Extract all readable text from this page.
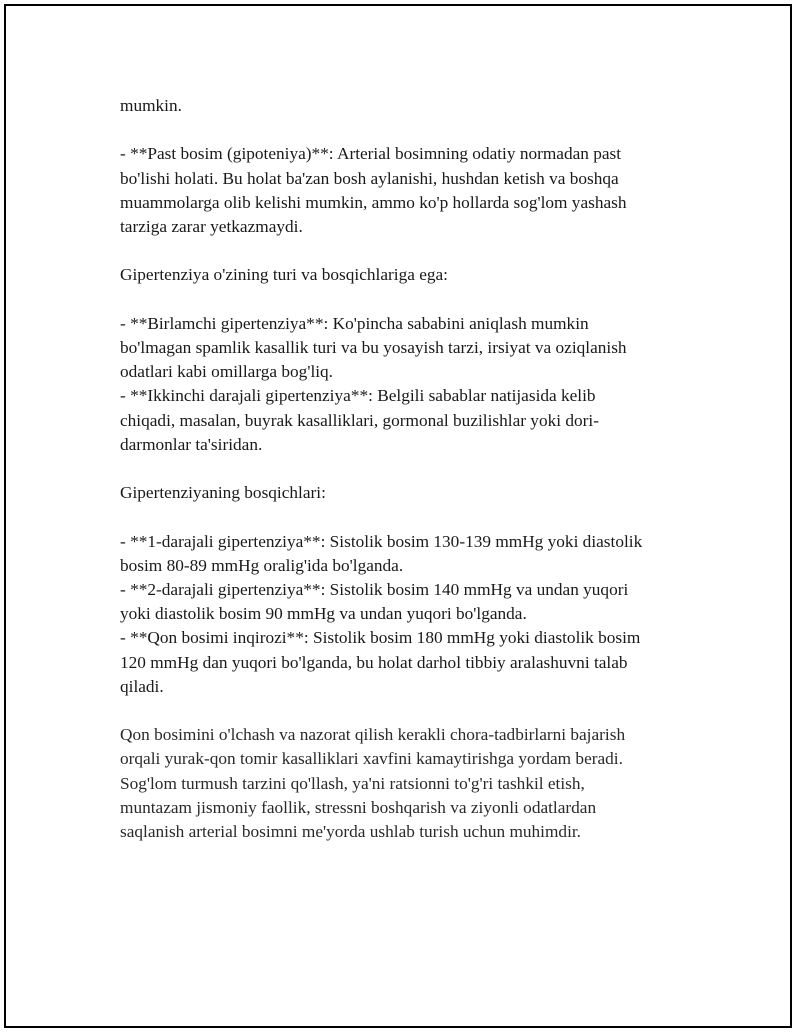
mumkin.

- **Past bosim (gipoteniya)**: Arterial bosimning odatiy normadan past
bo'lishi holati. Bu holat ba'zan bosh aylanishi, hushdan ketish va boshqa
muammolarga olib kelishi mumkin, ammo ko'p hollarda sog'lom yashash
tarziga zarar yetkazmaydi.

Gipertenziya o'zining turi va bosqichlariga ega:

- **Birlamchi gipertenziya**: Ko'pincha sababini aniqlash mumkin
bo'lmagan spamlik kasallik turi va bu yosayish tarzi, irsiyat va oziqlanish
odatlari kabi omillarga bog'liq.
- **Ikkinchi darajali gipertenziya**: Belgili sabablar natijasida kelib
chiqadi, masalan, buyrak kasalliklari, gormonal buzilishlar yoki dori-
darmonlar ta'siridan.

Gipertenziyaning bosqichlari:

- **1-darajali gipertenziya**: Sistolik bosim 130-139 mmHg yoki diastolik
bosim 80-89 mmHg oralig'ida bo'lganda.
- **2-darajali gipertenziya**: Sistolik bosim 140 mmHg va undan yuqori
yoki diastolik bosim 90 mmHg va undan yuqori bo'lganda.
- **Qon bosimi inqirozi**: Sistolik bosim 180 mmHg yoki diastolik bosim
120 mmHg dan yuqori bo'lganda, bu holat darhol tibbiy aralashuvni talab
qiladi.

Qon bosimini o'lchash va nazorat qilish kerakli chora-tadbirlarni bajarish
orqali yurak-qon tomir kasalliklari xavfini kamaytirishga yordam beradi.
Sog'lom turmush tarzini qo'llash, ya'ni ratsionni to'g'ri tashkil etish,
muntazam jismoniy faollik, stressni boshqarish va ziyonli odatlardan
saqlanish arterial bosimni me'yorda ushlab turish uchun muhimdir.
